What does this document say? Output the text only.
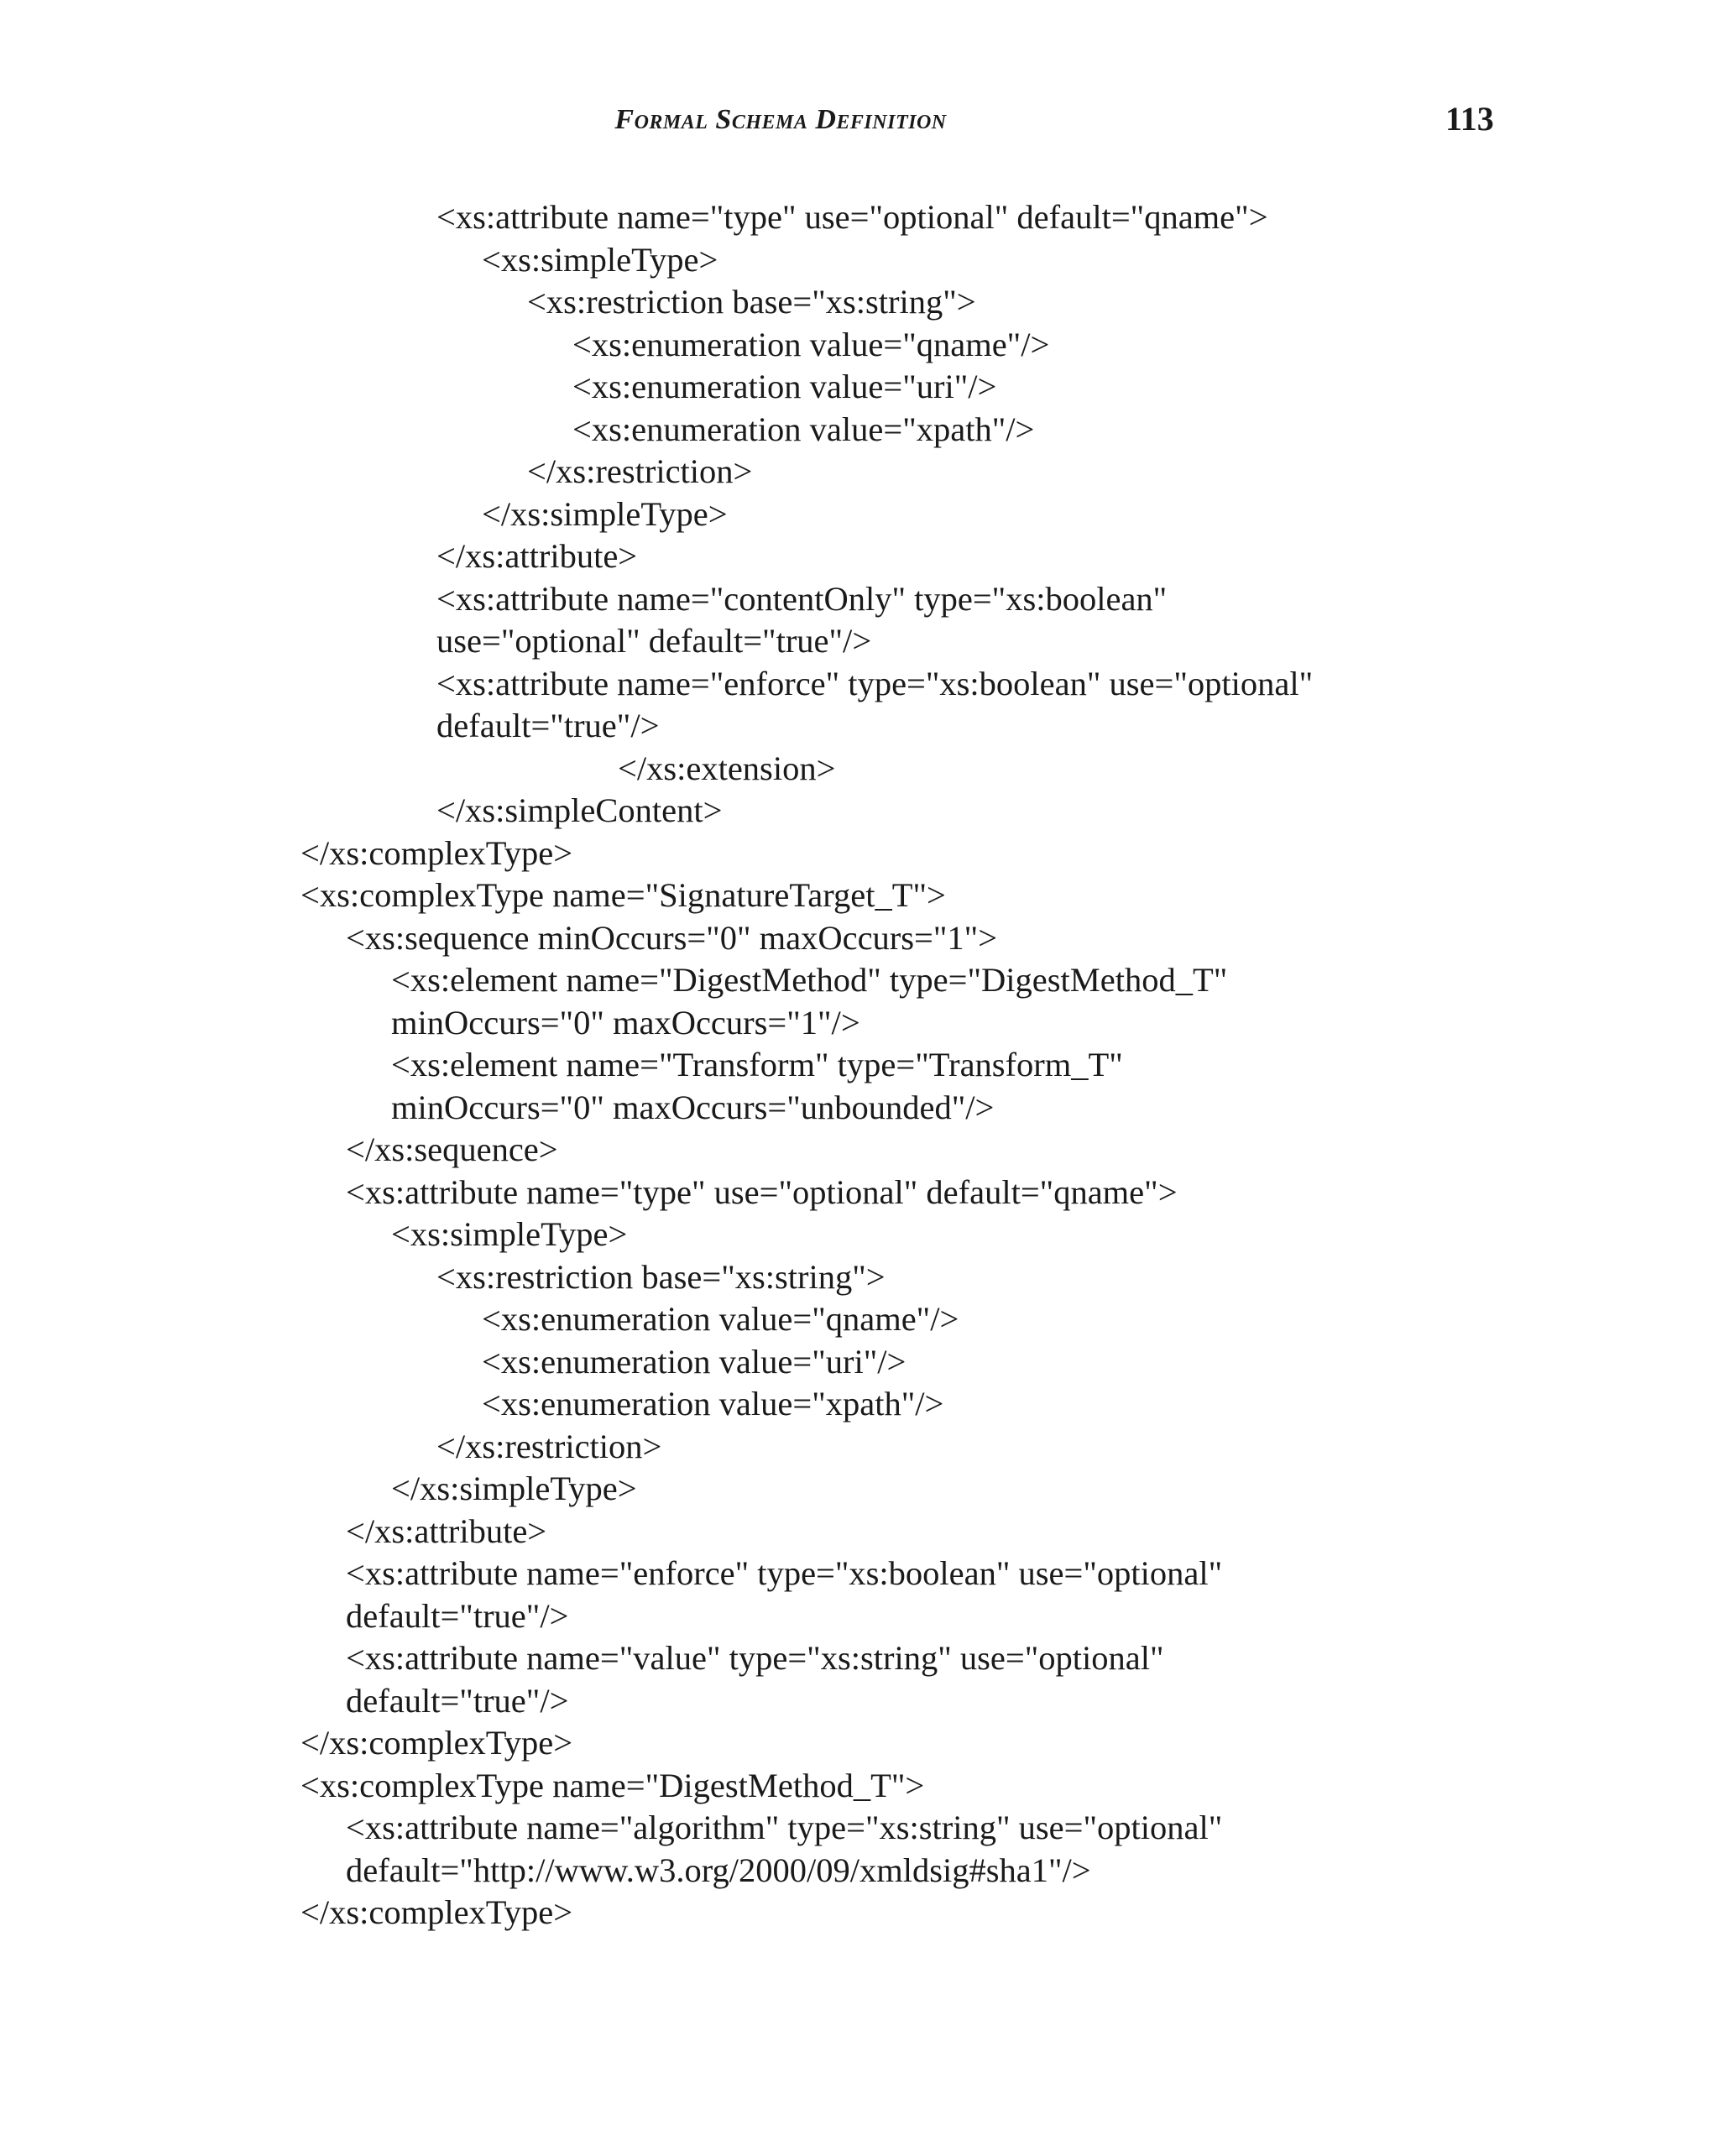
Formal Schema Definition	113
<xs:attribute name="type" use="optional" default="qname">
<xs:simpleType>
<xs:restriction base="xs:string">
<xs:enumeration value="qname"/>
<xs:enumeration value="uri"/>
<xs:enumeration value="xpath"/>
</xs:restriction>
</xs:simpleType>
</xs:attribute>
<xs:attribute name="contentOnly" type="xs:boolean"
use="optional" default="true"/>
<xs:attribute name="enforce" type="xs:boolean" use="optional"
default="true"/>
</xs:extension>
</xs:simpleContent>
</xs:complexType>
<xs:complexType name="SignatureTarget_T">
<xs:sequence minOccurs="0" maxOccurs="1">
<xs:element name="DigestMethod" type="DigestMethod_T"
minOccurs="0" maxOccurs="1"/>
<xs:element name="Transform" type="Transform_T"
minOccurs="0" maxOccurs="unbounded"/>
</xs:sequence>
<xs:attribute name="type" use="optional" default="qname">
<xs:simpleType>
<xs:restriction base="xs:string">
<xs:enumeration value="qname"/>
<xs:enumeration value="uri"/>
<xs:enumeration value="xpath"/>
</xs:restriction>
</xs:simpleType>
</xs:attribute>
<xs:attribute name="enforce" type="xs:boolean" use="optional"
default="true"/>
<xs:attribute name="value" type="xs:string" use="optional"
default="true"/>
</xs:complexType>
<xs:complexType name="DigestMethod_T">
<xs:attribute name="algorithm" type="xs:string" use="optional"
default="http://www.w3.org/2000/09/xmldsig#sha1"/>
</xs:complexType>
